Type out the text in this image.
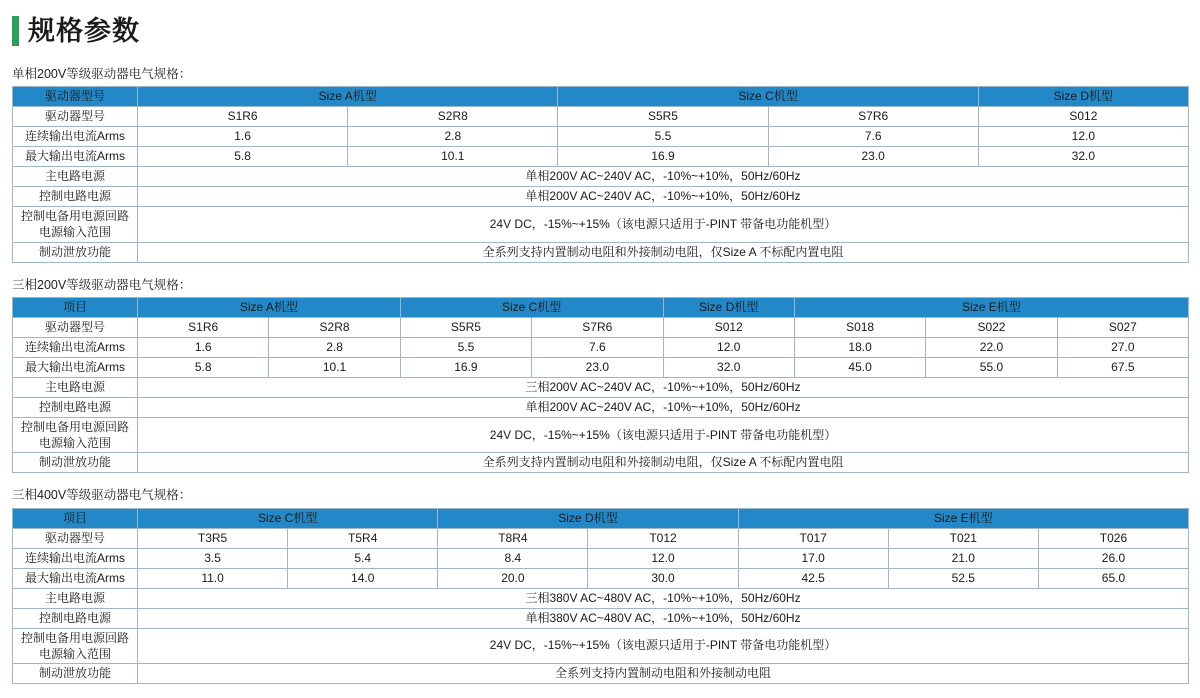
规格参数
单相200V等级驱动器电气规格：
驱动器型号	Size A机型		Size C机型		Size D机型
驱动器型号	S1R6	S2R8	S5R5	S7R6	S012
连续输出电流Arms	1.6	2.8	5.5	7.6	12.0
最大输出电流Arms	5.8	10.1	16.9	23.0	32.0
主电路电源	单相200V AC~240V AC，-10%~+10%，50Hz/60Hz				
控制电路电源	单相200V AC~240V AC，-10%~+10%，50Hz/60Hz				

控制电备用电源回路
电源输入范围	24V DC，-15%~+15%（该电源只适用于-PINT 带备电功能机型）				
制动泄放功能	全系列支持内置制动电阻和外接制动电阻，仅Size A 不标配内置电阻				
三相200V等级驱动器电气规格：
项目	Size A机型		Size C机型		Size D机型	Size E机型		
驱动器型号	S1R6	S2R8	S5R5	S7R6	S012	S018	S022	S027
连续输出电流Arms	1.6	2.8	5.5	7.6	12.0	18.0	22.0	27.0
最大输出电流Arms	5.8	10.1	16.9	23.0	32.0	45.0	55.0	67.5
主电路电源	三相200V AC~240V AC，-10%~+10%，50Hz/60Hz							
控制电路电源	单相200V AC~240V AC，-10%~+10%，50Hz/60Hz							

控制电备用电源回路
电源输入范围	24V DC，-15%~+15%（该电源只适用于-PINT 带备电功能机型）							
制动泄放功能	全系列支持内置制动电阻和外接制动电阻，仅Size A 不标配内置电阻							
三相400V等级驱动器电气规格：
项目	Size C机型		Size D机型		Size E机型		
驱动器型号	T3R5	T5R4	T8R4	T012	T017	T021	T026
连续输出电流Arms	3.5	5.4	8.4	12.0	17.0	21.0	26.0
最大输出电流Arms	11.0	14.0	20.0	30.0	42.5	52.5	65.0
主电路电源	三相380V AC~480V AC，-10%~+10%，50Hz/60Hz						
控制电路电源	单相380V AC~480V AC，-10%~+10%，50Hz/60Hz						

控制电备用电源回路
电源输入范围	24V DC，-15%~+15%（该电源只适用于-PINT 带备电功能机型）						
制动泄放功能	全系列支持内置制动电阻和外接制动电阻						
